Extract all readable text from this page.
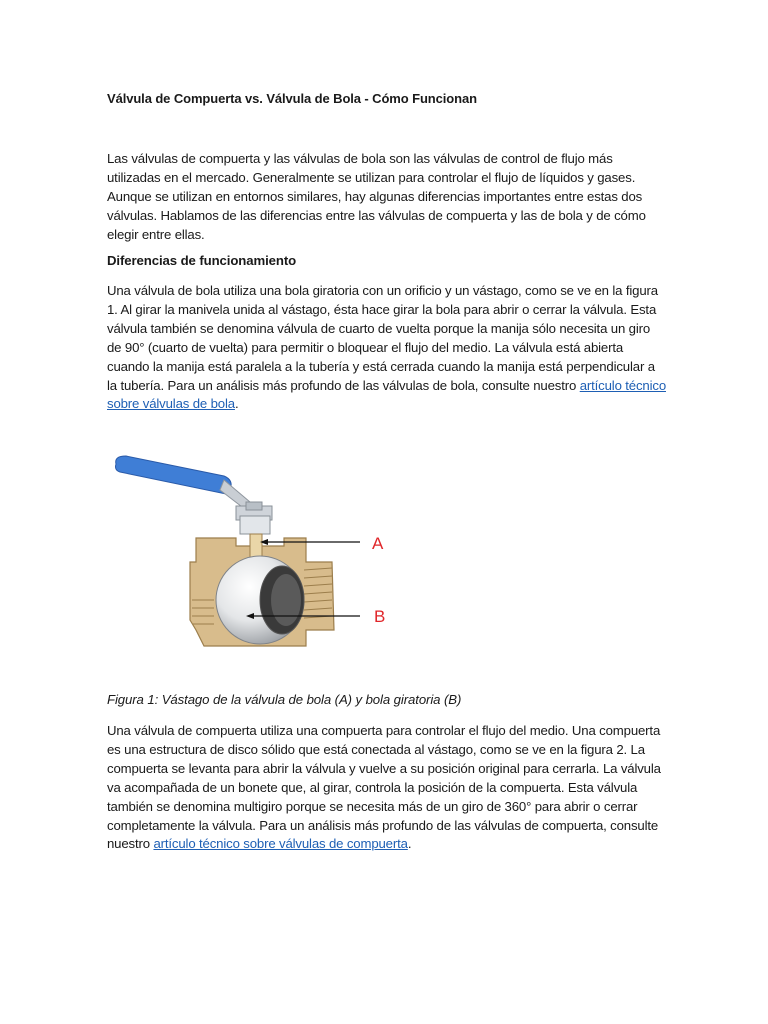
Válvula de Compuerta vs. Válvula de Bola - Cómo Funcionan

Las válvulas de compuerta y las válvulas de bola son las válvulas de control de flujo más utilizadas en el mercado. Generalmente se utilizan para controlar el flujo de líquidos y gases. Aunque se utilizan en entornos similares, hay algunas diferencias importantes entre estas dos válvulas. Hablamos de las diferencias entre las válvulas de compuerta y las de bola y de cómo elegir entre ellas.

Diferencias de funcionamiento

Una válvula de bola utiliza una bola giratoria con un orificio y un vástago, como se ve en la figura 1. Al girar la manivela unida al vástago, ésta hace girar la bola para abrir o cerrar la válvula. Esta válvula también se denomina válvula de cuarto de vuelta porque la manija sólo necesita un giro de 90° (cuarto de vuelta) para permitir o bloquear el flujo del medio. La válvula está abierta cuando la manija está paralela a la tubería y está cerrada cuando la manija está perpendicular a la tubería. Para un análisis más profundo de las válvulas de bola, consulte nuestro artículo técnico sobre válvulas de bola.

A
B
Figura 1: Vástago de la válvula de bola (A) y bola giratoria (B)

Una válvula de compuerta utiliza una compuerta para controlar el flujo del medio. Una compuerta es una estructura de disco sólido que está conectada al vástago, como se ve en la figura 2. La compuerta se levanta para abrir la válvula y vuelve a su posición original para cerrarla. La válvula va acompañada de un bonete que, al girar, controla la posición de la compuerta. Esta válvula también se denomina multigiro porque se necesita más de un giro de 360° para abrir o cerrar completamente la válvula. Para un análisis más profundo de las válvulas de compuerta, consulte nuestro artículo técnico sobre válvulas de compuerta.
